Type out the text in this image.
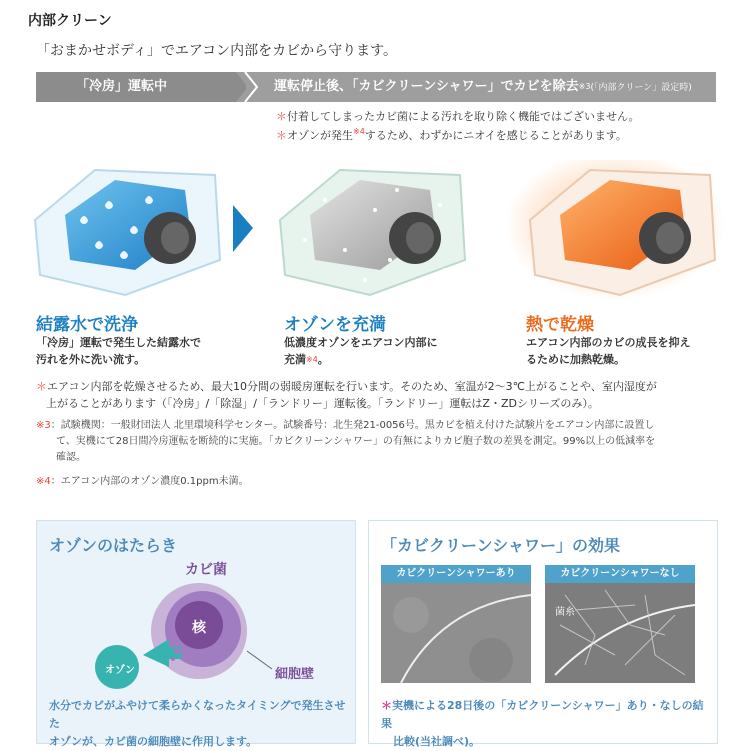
内部クリーン
「おまかせボディ」でエアコン内部をカビから守ります。
「冷房」運転中	運転停止後、「カビクリーンシャワー」でカビを除去$^{※3}$(「内部クリーン」設定時)
＊付着してしまったカビ菌による汚れを取り除く機能ではございません。
＊オゾンが発生$^{※4}$するため、わずかにニオイを感じることがあります。
結露水で洗浄
「冷房」運転で発生した結露水で
汚れを外に洗い流す。
オゾンを充満
低濃度オゾンをエアコン内部に
充満$^{※4}$。
熱で乾燥
エアコン内部のカビの成長を抑え
るために加熱乾燥。
＊エアコン内部を乾燥させるため、最大10分間の弱暖房運転を行います。そのため、室温が2～3℃上がることや、室内湿度が
上がることがあります（「冷房」/「除湿」/「ランドリー」運転後。「ランドリー」運転はZ・ZDシリーズのみ）。
※3：試験機関：一般財団法人 北里環境科学センター。試験番号：北生発21-0056号。黒カビを植え付けた試験片をエアコン内部に設置し
て、実機にて28日間冷房運転を断続的に実施。「カビクリーンシャワー」の有無によりカビ胞子数の差異を測定。99%以上の低減率を
確認。
※4：エアコン内部のオゾン濃度0.1ppm未満。
オゾンのはたらき
カビ菌
核
オゾン	細胞壁
水分でカビがふやけて柔らかくなったタイミングで発生させた
オゾンが、カビ菌の細胞壁に作用します。
「カビクリーンシャワー」の効果
カビクリーンシャワーあり	カビクリーンシャワーなし
菌糸
＊実機による28日後の「カビクリーンシャワー」あり・なしの結果
比較(当社調べ)。
